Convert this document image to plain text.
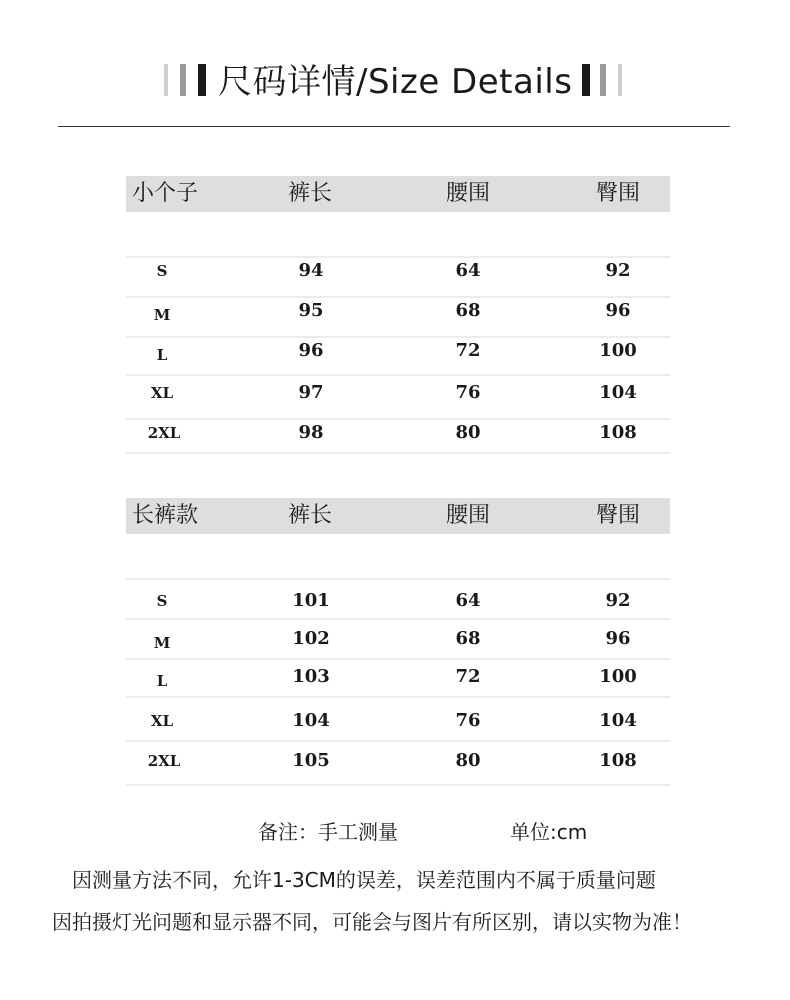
尺码详情/Size Details
小个子	裤长	腰围	臀围
S	94	64	92
M	95	68	96
L	96	72	100
XL	97	76	104
2XL	98	80	108
长裤款	裤长	腰围	臀围
S	101	64	92
M	102	68	96
L	103	72	100
XL	104	76	104
2XL	105	80	108
备注：手工测量	单位:cm
因测量方法不同，允许1-3CM的误差，误差范围内不属于质量问题
因拍摄灯光问题和显示器不同，可能会与图片有所区别，请以实物为准！
